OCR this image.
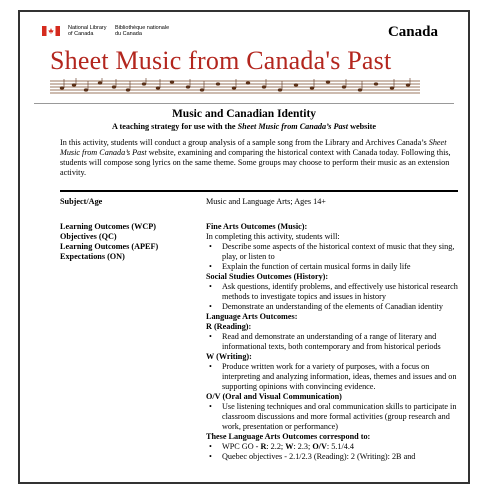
National Library
of Canada
Bibliothèque nationale
du Canada	Canada
Sheet Music from Canada's Past
Music and Canadian Identity
A teaching strategy for use with the Sheet Music from Canada’s Past website
In this activity, students will conduct a group analysis of a sample song from the Library and Archives Canada’s Sheet Music from Canada’s Past website, examining and comparing the historical context with Canada today. Following this, students will compose song lyrics on the same theme. Some groups may choose to perform their music as an extension activity.
Subject/Age
Learning Outcomes (WCP)
Objectives (QC)
Learning Outcomes (APEF)
Expectations (ON)
Music and Language Arts; Ages 14+
Fine Arts Outcomes (Music):
In completing this activity, students will:
• Describe some aspects of the historical context of music that they sing, play, or listen to
• Explain the function of certain musical forms in daily life
Social Studies Outcomes (History):
• Ask questions, identify problems, and effectively use historical research methods to investigate topics and issues in history
• Demonstrate an understanding of the elements of Canadian identity
Language Arts Outcomes:
R (Reading):
• Read and demonstrate an understanding of a range of literary and informational texts, both contemporary and from historical periods
W (Writing):
• Produce written work for a variety of purposes, with a focus on interpreting and analyzing information, ideas, themes and issues and on supporting opinions with convincing evidence.
O/V (Oral and Visual Communication)
• Use listening techniques and oral communication skills to participate in classroom discussions and more formal activities (group research and work, presentation or performance)
These Language Arts Outcomes correspond to:
• WPC GO - R: 2.2; W: 2.3; O/V: 5.1/4.4
• Quebec objectives - 2.1/2.3 (Reading): 2 (Writing): 2B and
